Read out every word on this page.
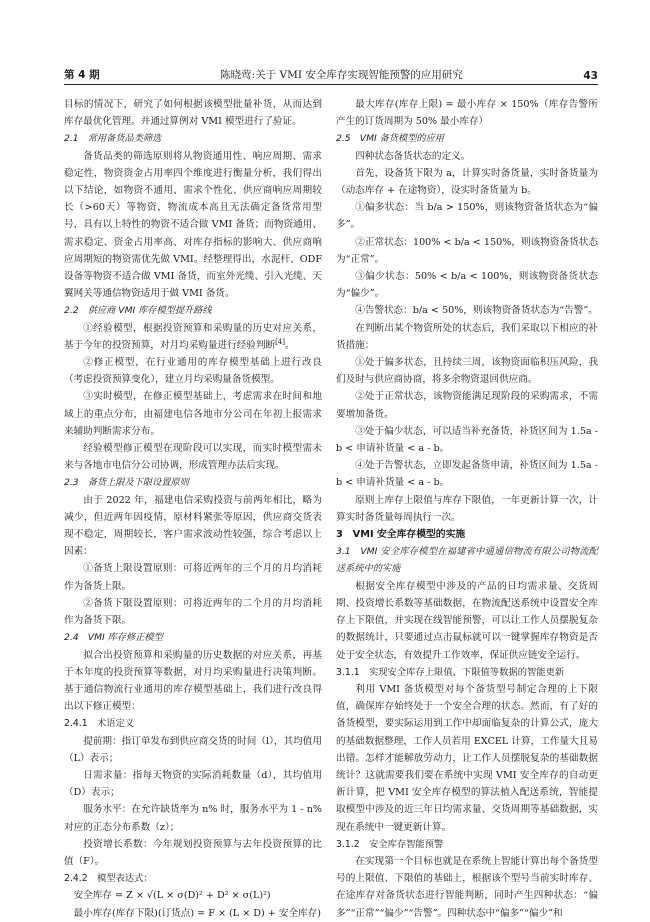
第 4 期	陈晓莺:关于 VMI 安全库存实现智能预警的应用研究	43

目标的情况下，研究了如何根据该模型批量补货，从而达到库存最优化管理。并通过算例对 VMI 模型进行了验证。

2.1　常用备货品类筛选

备货品类的筛选原则将从物资通用性、响应周期、需求稳定性，物资资金占用率四个维度进行衡量分析，我们得出以下结论，如物资不通用、需求个性化、供应商响应周期较长（>60天）等物资，物流成本高且无法确定备货常用型号，具有以上特性的物资不适合做 VMI 备货；而物资通用、需求稳定、资金占用率高、对库存指标的影响大、供应商响应周期短的物资需优先做 VMI。经整理得出，水泥杆、ODF 设备等物资不适合做 VMI 备货，而室外光缆、引入光缆、天翼网关等通信物资适用于做 VMI 备货。

2.2　供应商 VMI 库存模型提升路线

①经验模型，根据投资预算和采购量的历史对应关系，基于今年的投资预算，对月均采购量进行经验判断[4]。

②修正模型，在行业通用的库存模型基础上进行改良（考虑投资预算变化），建立月均采购量备货模型。

③实时模型，在修正模型基础上，考虑需求在时间和地域上的重点分布，由福建电信各地市分公司在年初上报需求来辅助判断需求分布。

经验模型修正模型在现阶段可以实现，而实时模型需未来与各地市电信分公司协调，形成管理办法后实现。

2.3　备货上限及下限设置原则

由于 2022 年，福建电信采购投资与前两年相比，略为减少，但近两年因疫情，原材料紧张等原因，供应商交货表现不稳定，周期较长，客户需求波动性较强，综合考虑以上因素：

①备货上限设置原则：可将近两年的三个月的月均消耗作为备货上限。

②备货下限设置原则：可将近两年的二个月的月均消耗作为备货下限。

2.4　VMI 库存修正模型

拟合出投资预算和采购量的历史数据的对应关系，再基于本年度的投资预算等数据，对月均采购量进行决策判断。基于通信物流行业通用的库存模型基础上，我们进行改良得出以下修正模型：

2.4.1　术语定义

提前期：指订单发布到供应商交货的时间（l），其均值用（L）表示；

日需求量：指每天物资的实际消耗数量（d），其均值用（D）表示；

服务水平：在允许缺货率为 n% 时，服务水平为 1 - n% 对应的正态分布系数（z）；

投资增长系数：今年规划投资预算与去年投资预算的比值（F）。

2.4.2　模型表达式：

安全库存 = Z × √(L × σ(D)² + D² × σ(L)²)

最小库存(库存下限)(订货点) = F × (L × D) + 安全库存)

最大库存(库存上限) = 最小库存 × 150%（库存告警所产生的订货周期为 50% 最小库存）

2.5　VMI 备货模型的应用

四种状态备货状态的定义。

首先，设备货下限为 a，计算实时备货量，实时备货量为（动态库存 + 在途物资），设实时备货量为 b。

①偏多状态：当 b/a > 150%，则该物资备货状态为“偏多”。

②正常状态：100% < b/a < 150%，则该物资备货状态为“正常”。

③偏少状态：50% < b/a < 100%，则该物资备货状态为“偏少”。

④告警状态：b/a < 50%，则该物资备货状态为“告警”。

在判断出某个物资所处的状态后，我们采取以下相应的补货措施：

①处于偏多状态，且持续三周，该物资面临积压风险，我们及时与供应商协商，将多余物资退回供应商。

②处于正常状态，该物资能满足现阶段的采购需求，不需要增加备货。

③处于偏少状态，可以适当补充备货，补货区间为 1.5a - b < 申请补货量 < a - b。

④处于告警状态，立即发起备货申请，补货区间为 1.5a - b < 申请补货量 < a - b。

原则上库存上限值与库存下限值，一年更新计算一次，计算实时备货量每周执行一次。

3　VMI 安全库存模型的实施

3.1　VMI 安全库存模型在福建省中通通信物流有限公司物流配送系统中的实施

根据安全库存模型中涉及的产品的日均需求量、交货周期、投资增长系数等基础数据，在物流配送系统中设置安全库存上下限值，并实现在线智能预警，可以让工作人员摆脱复杂的数据统计，只要通过点击鼠标就可以一键掌握库存物资是否处于安全状态，有效提升工作效率，保证供应链安全运行。

3.1.1　实现安全库存上限值、下限值等数据的智能更新

利用 VMI 备货模型对每个备货型号制定合理的上下限值，确保库存始终处于一个安全合理的状态。然而，有了好的备货模型，要实际运用到工作中却面临复杂的计算公式，庞大的基础数据整理，工作人员若用 EXCEL 计算，工作量大且易出错。怎样才能解放劳动力，让工作人员摆脱复杂的基础数据统计？这就需要我们要在系统中实现 VMI 安全库存的自动更新计算，把 VMI 安全库存模型的算法植入配送系统，智能提取模型中涉及的近三年日均需求量、交货周期等基础数据，实现在系统中一键更新计算。

3.1.2　安全库存智能预警

在实现第一个目标也就是在系统上智能计算出每个备货型号的上限值、下限值的基础上，根据该个型号当前实时库存、在途库存对备货状态进行智能判断，同时产生四种状态：“偏多”“正常”“偏少”“告警”。四种状态中“偏多”“偏少”和
